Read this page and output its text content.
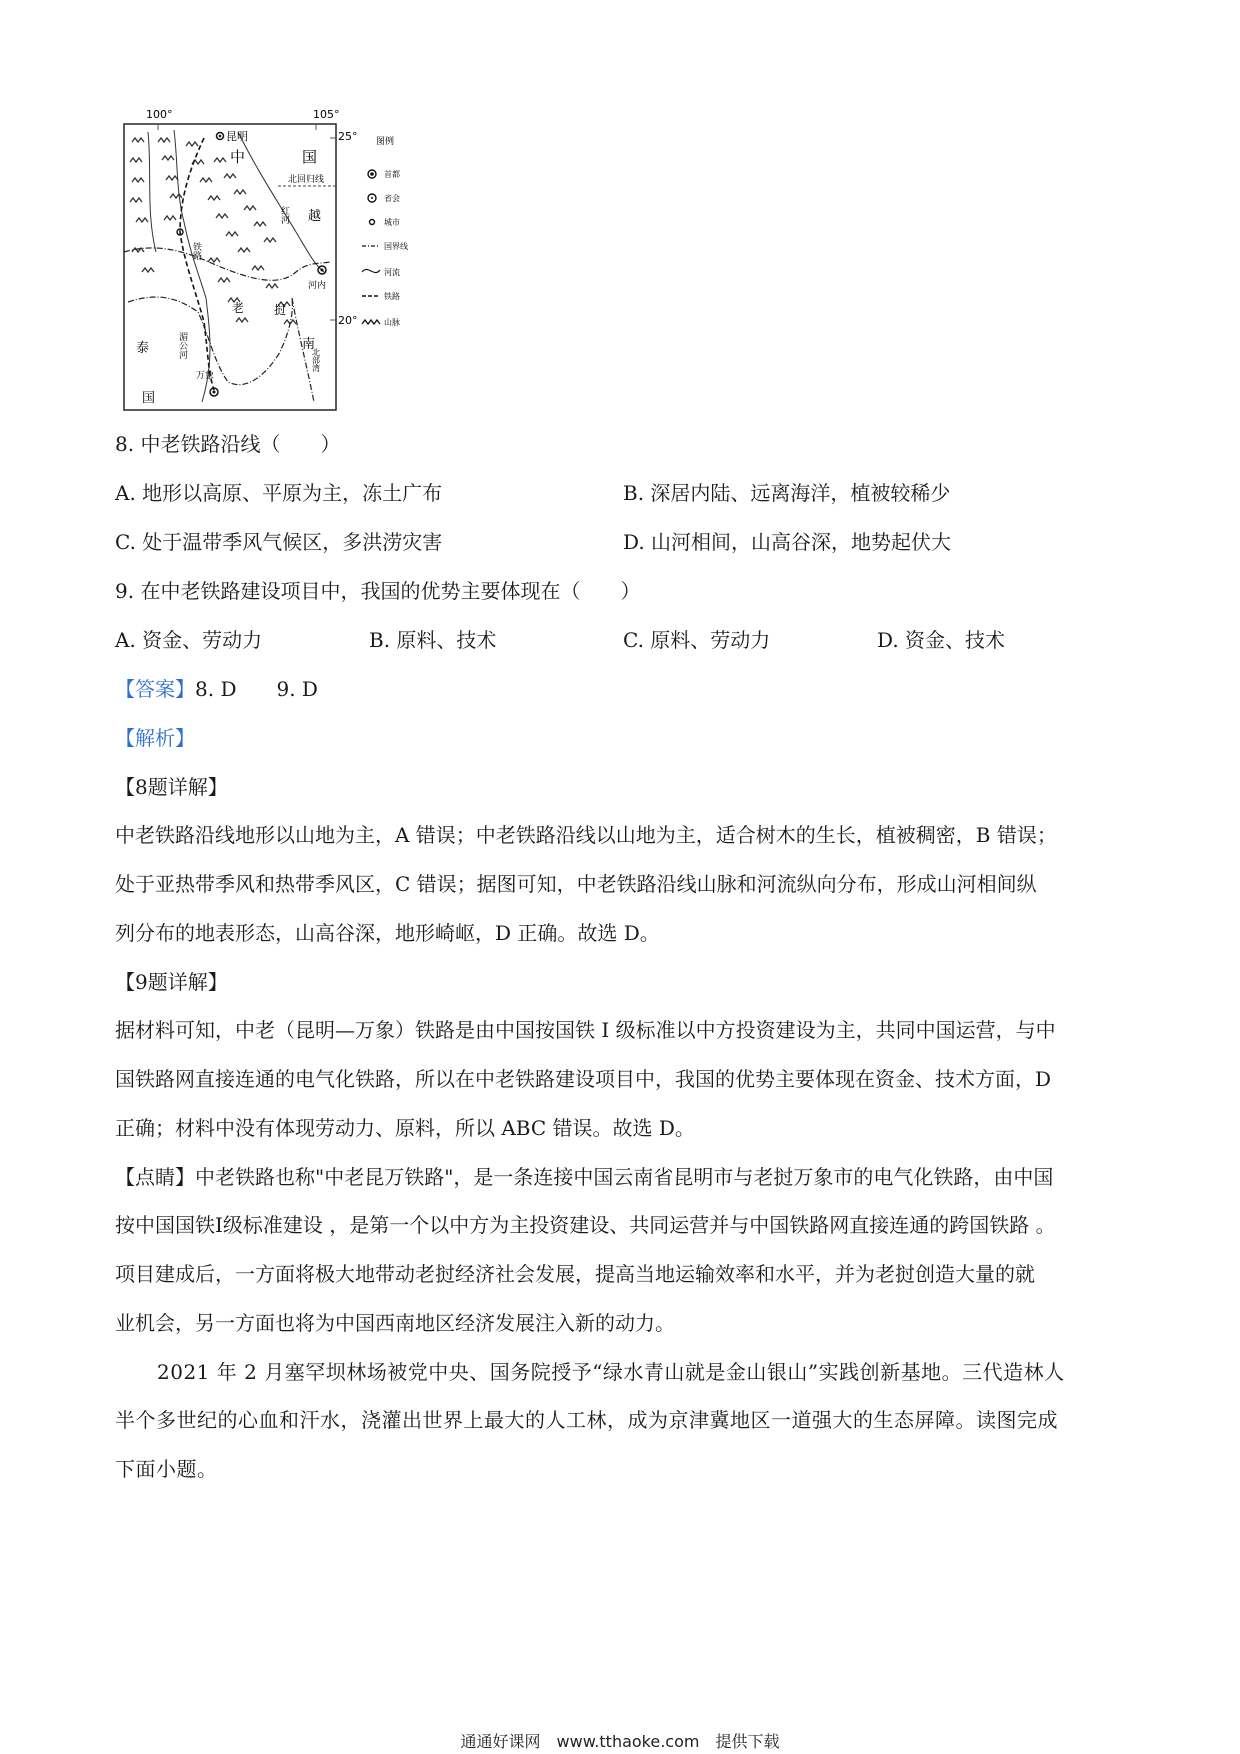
100°	105°
25°
20°
北回归线
昆明
河内
万象
中	国
越
南
老 挝
泰
国
北部湾
红河
湄公河
铁路
图例
首都
省会
城市
国界线
河流
铁路
山脉
8. 中老铁路沿线（　　）
A. 地形以高原、平原为主，冻土广布	B. 深居内陆、远离海洋，植被较稀少
C. 处于温带季风气候区，多洪涝灾害	D. 山河相间，山高谷深，地势起伏大
9. 在中老铁路建设项目中，我国的优势主要体现在（　　）
A. 资金、劳动力	B. 原料、技术	C. 原料、劳动力	D. 资金、技术
【答案】8. D　　9. D
【解析】
【8题详解】
中老铁路沿线地形以山地为主，A 错误；中老铁路沿线以山地为主，适合树木的生长，植被稠密，B 错误；
处于亚热带季风和热带季风区，C 错误；据图可知，中老铁路沿线山脉和河流纵向分布，形成山河相间纵
列分布的地表形态，山高谷深，地形崎岖，D 正确。故选 D。
【9题详解】
据材料可知，中老（昆明—万象）铁路是由中国按国铁 I 级标准以中方投资建设为主，共同中国运营，与中
国铁路网直接连通的电气化铁路，所以在中老铁路建设项目中，我国的优势主要体现在资金、技术方面，D
正确；材料中没有体现劳动力、原料，所以 ABC 错误。故选 D。
【点睛】中老铁路也称"中老昆万铁路"，是一条连接中国云南省昆明市与老挝万象市的电气化铁路，由中国
按中国国铁I级标准建设 ，是第一个以中方为主投资建设、共同运营并与中国铁路网直接连通的跨国铁路 。
项目建成后，一方面将极大地带动老挝经济社会发展，提高当地运输效率和水平，并为老挝创造大量的就
业机会，另一方面也将为中国西南地区经济发展注入新的动力。
2021 年 2 月塞罕坝林场被党中央、国务院授予“绿水青山就是金山银山”实践创新基地。三代造林人
半个多世纪的心血和汗水，浇灌出世界上最大的人工林，成为京津冀地区一道强大的生态屏障。读图完成
下面小题。
通通好课网　www.tthaoke.com　提供下载
